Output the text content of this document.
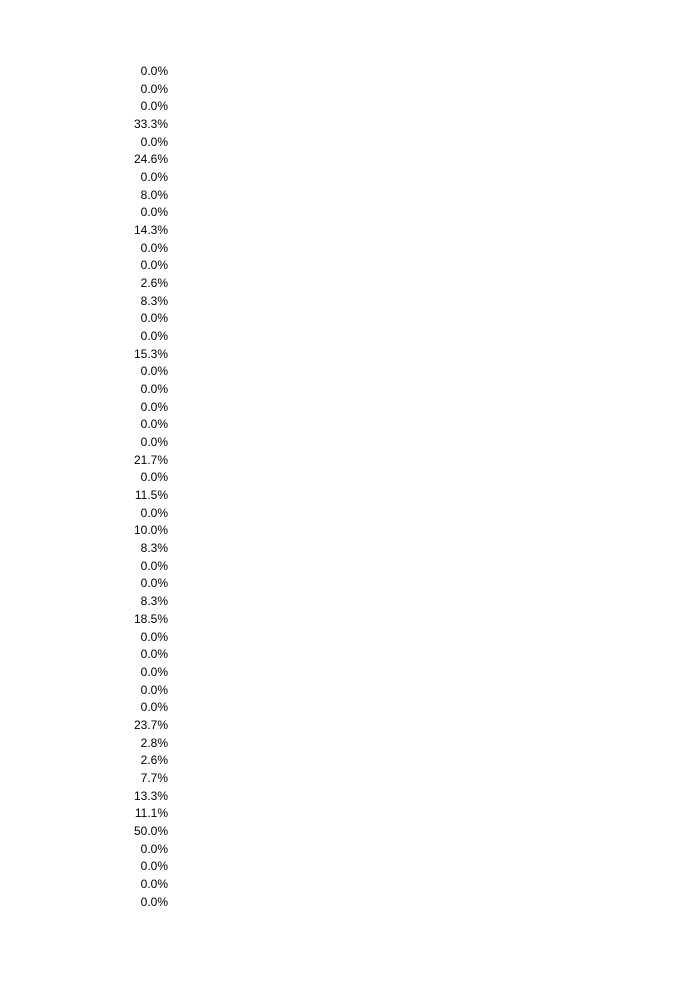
0.0%
0.0%
0.0%
33.3%
0.0%
24.6%
0.0%
8.0%
0.0%
14.3%
0.0%
0.0%
2.6%
8.3%
0.0%
0.0%
15.3%
0.0%
0.0%
0.0%
0.0%
0.0%
21.7%
0.0%
11.5%
0.0%
10.0%
8.3%
0.0%
0.0%
8.3%
18.5%
0.0%
0.0%
0.0%
0.0%
0.0%
23.7%
2.8%
2.6%
7.7%
13.3%
11.1%
50.0%
0.0%
0.0%
0.0%
0.0%
